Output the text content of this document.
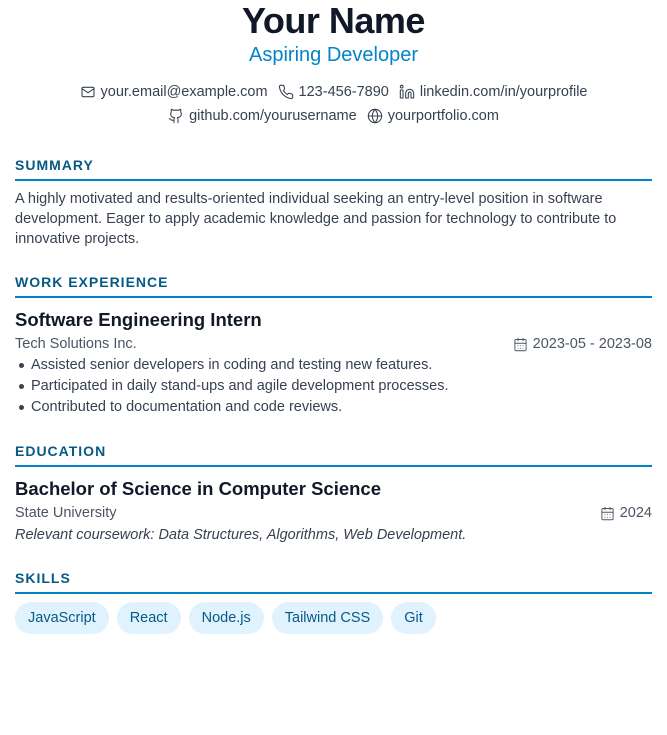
Your Name
Aspiring Developer
your.email@example.com 123-456-7890 linkedin.com/in/yourprofile
github.com/yourusername yourportfolio.com
SUMMARY

A highly motivated and results-oriented individual seeking an entry-level position in software development. Eager to apply academic knowledge and passion for technology to contribute to innovative projects.

WORK EXPERIENCE
Software Engineering Intern
Tech Solutions Inc.	2023-05 - 2023-08
Assisted senior developers in coding and testing new features.
Participated in daily stand-ups and agile development processes.
Contributed to documentation and code reviews.
EDUCATION
Bachelor of Science in Computer Science
State University	2024
Relevant coursework: Data Structures, Algorithms, Web Development.
SKILLS
JavaScript	React	Node.js	Tailwind CSS	Git
